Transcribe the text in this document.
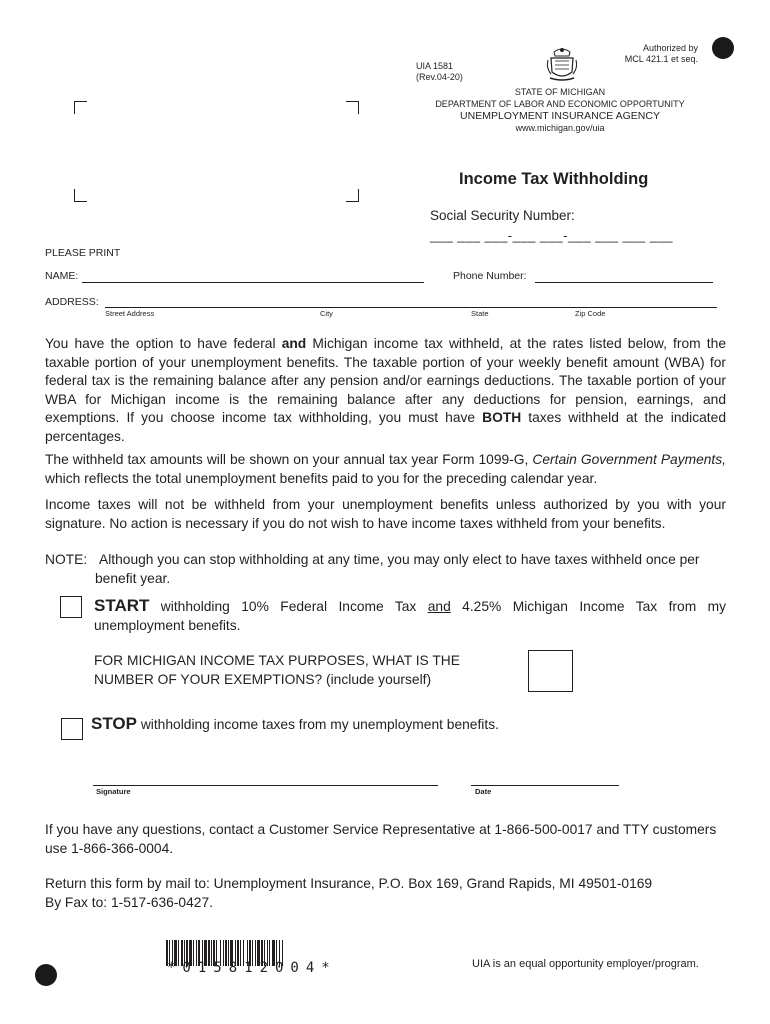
Authorized by
MCL 421.1 et seq.
UIA 1581
(Rev.04-20)
STATE OF MICHIGAN
DEPARTMENT OF LABOR AND ECONOMIC OPPORTUNITY
UNEMPLOYMENT INSURANCE AGENCY
www.michigan.gov/uia
Income Tax Withholding
Social Security Number:
___ ___ ___-___ ___-___ ___ ___ ___
PLEASE PRINT
NAME:	Phone Number:
ADDRESS:
Street Address	City	State	Zip Code
You have the option to have federal and Michigan income tax withheld, at the rates listed below, from the taxable portion of your unemployment benefits. The taxable portion of your weekly benefit amount (WBA) for federal tax is the remaining balance after any pension and/or earnings deductions. The taxable portion of your WBA for Michigan income is the remaining balance after any deductions for pension, earnings, and exemptions. If you choose income tax withholding, you must have BOTH taxes withheld at the indicated percentages.
The withheld tax amounts will be shown on your annual tax year Form 1099-G, Certain Government Payments, which reflects the total unemployment benefits paid to you for the preceding calendar year.
Income taxes will not be withheld from your unemployment benefits unless authorized by you with your signature. No action is necessary if you do not wish to have income taxes withheld from your benefits.
NOTE: Although you can stop withholding at any time, you may only elect to have taxes withheld once per benefit year.
START withholding 10% Federal Income Tax and 4.25% Michigan Income Tax from my unemployment benefits.
FOR MICHIGAN INCOME TAX PURPOSES, WHAT IS THE
NUMBER OF YOUR EXEMPTIONS? (include yourself)
STOP withholding income taxes from my unemployment benefits.
Signature	Date
If you have any questions, contact a Customer Service Representative at 1-866-500-0017 and TTY customers use 1-866-366-0004.
Return this form by mail to: Unemployment Insurance, P.O. Box 169, Grand Rapids, MI 49501-0169
By Fax to: 1-517-636-0427.
*015812004*	UIA is an equal opportunity employer/program.
